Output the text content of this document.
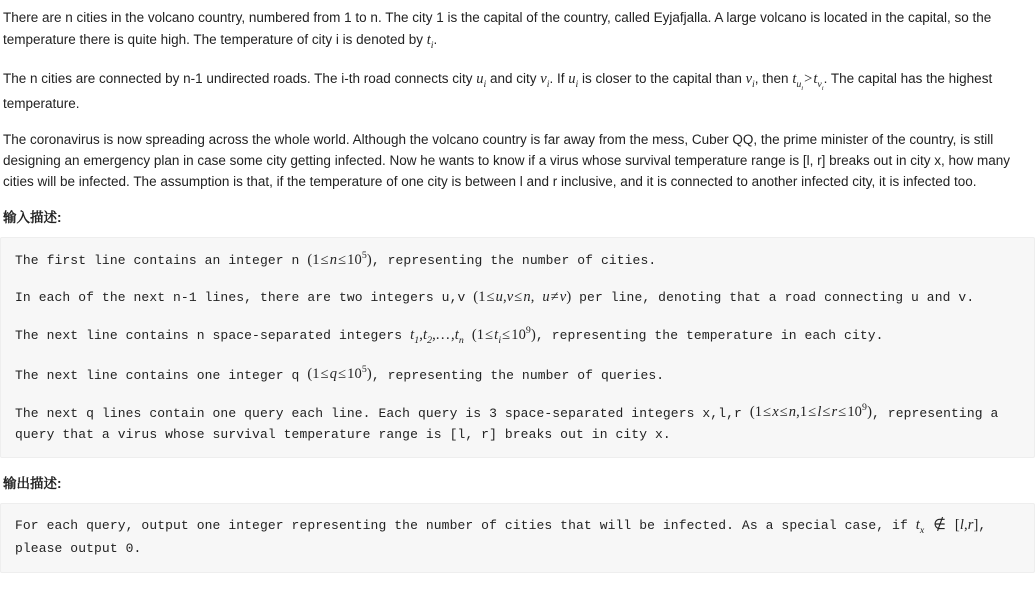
There are n cities in the volcano country, numbered from 1 to n. The city 1 is the capital of the country, called Eyjafjalla. A large volcano is located in the capital, so the temperature there is quite high. The temperature of city i is denoted by $t_i$.
The n cities are connected by n-1 undirected roads. The i-th road connects city $u_i$ and city $v_i$. If $u_i$ is closer to the capital than $v_i$, then $t_{u_i}>t_{v_i}$. The capital has the highest temperature.
The coronavirus is now spreading across the whole world. Although the volcano country is far away from the mess, Cuber QQ, the prime minister of the country, is still designing an emergency plan in case some city getting infected. Now he wants to know if a virus whose survival temperature range is [l, r] breaks out in city x, how many cities will be infected. The assumption is that, if the temperature of one city is between l and r inclusive, and it is connected to another infected city, it is infected too.
输入描述:
The first line contains an integer n $(1\le n\le 10^5)$, representing the number of cities.
In each of the next n-1 lines, there are two integers u,v (1≤u,v≤n, u≠v) per line, denoting that a road connecting u and v.
The next line contains n space-separated integers $t_1,t_2$,. . . $,t_n$ $(1\le t_i\le 10^9)$, representing the temperature in each city.
The next line contains one integer q $(1\le q\le 10^5)$, representing the number of queries.
The next q lines contain one query each line. Each query is 3 space-separated integers x,l,r $(1\le x\le n,1\le l\le r\le 10^9)$, representing a query that a virus whose survival temperature range is [l, r] breaks out in city x.
输出描述:
For each query, output one integer representing the number of cities that will be infected. As a special case, if $t_x$ ∉ [l,r], please output 0.
